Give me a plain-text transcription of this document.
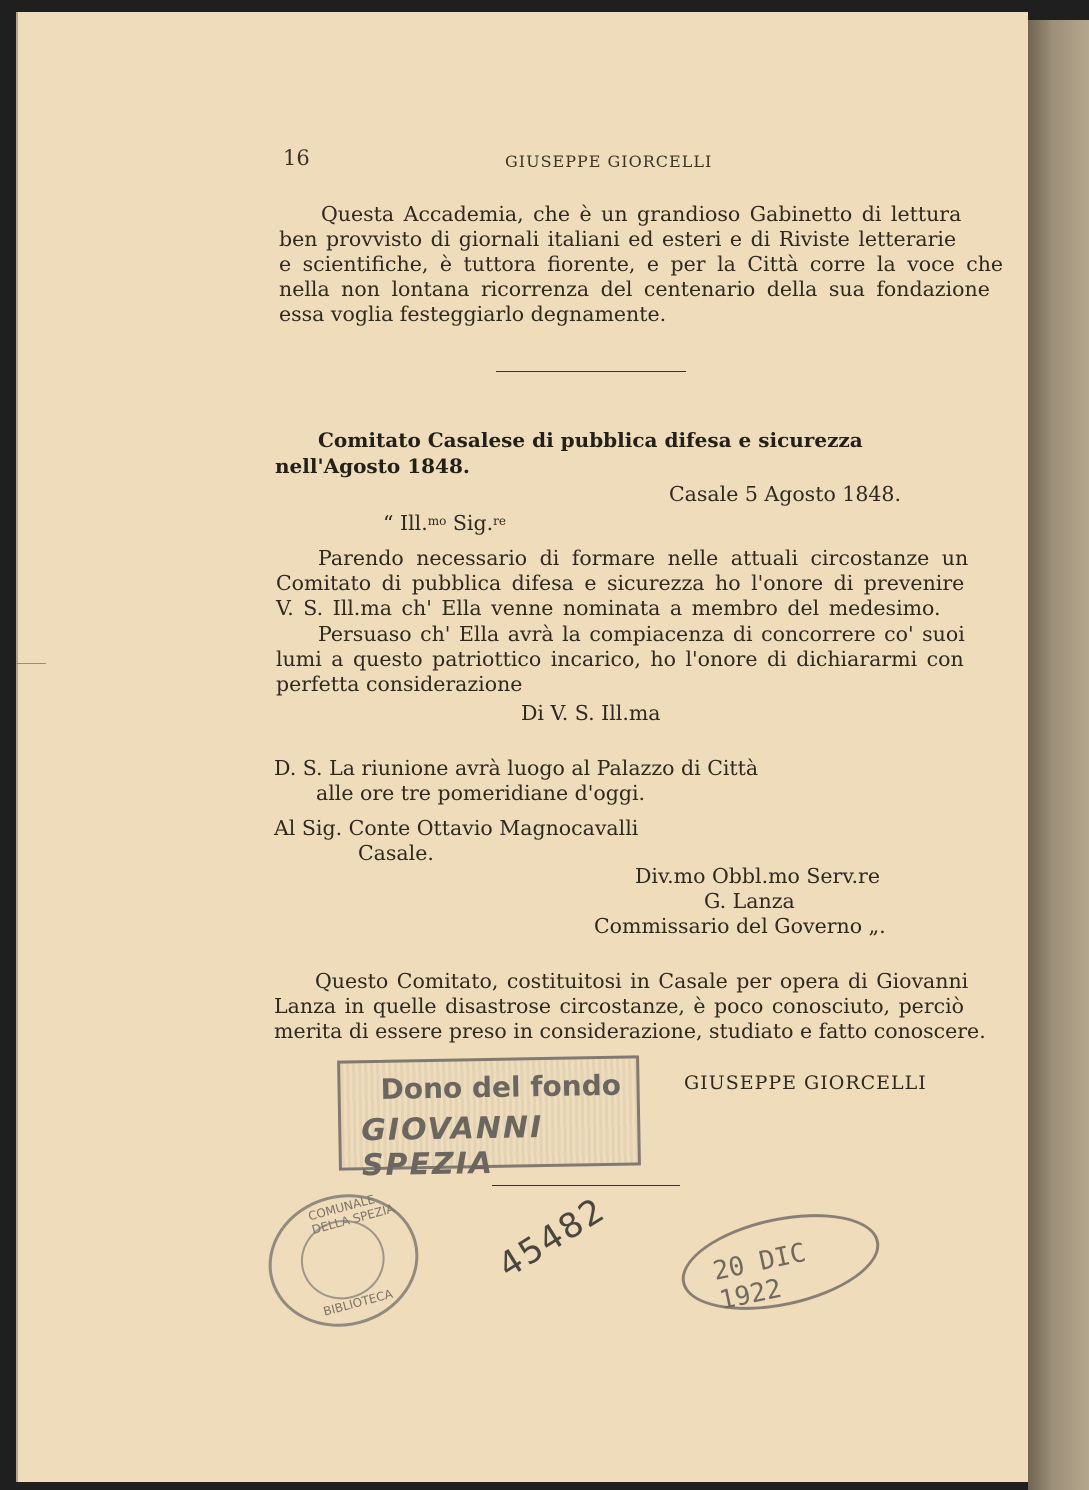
16	GIUSEPPE GIORCELLI
Questa Accademia, che è un grandioso Gabinetto di lettura
ben provvisto di giornali italiani ed esteri e di Riviste letterarie
e scientifiche, è tuttora fiorente, e per la Città corre la voce che
nella non lontana ricorrenza del centenario della sua fondazione
essa voglia festeggiarlo degnamente.
Comitato Casalese di pubblica difesa e sicurezza nell'Agosto 1848.
Casale 5 Agosto 1848.
“ Ill.$^{mo}$ Sig.$^{re}$
Parendo necessario di formare nelle attuali circostanze un
Comitato di pubblica difesa e sicurezza ho l'onore di prevenire
V. S. Ill.ma ch' Ella venne nominata a membro del medesimo.
Persuaso ch' Ella avrà la compiacenza di concorrere co' suoi
lumi a questo patriottico incarico, ho l'onore di dichiararmi con
perfetta considerazione
Di V. S. Ill.ma
D. S. La riunione avrà luogo al Palazzo di Città
alle ore tre pomeridiane d'oggi.
Al Sig. Conte Ottavio Magnocavalli
Casale.
Div.mo Obbl.mo Serv.re
G. Lanza
Commissario del Governo „.
Questo Comitato, costituitosi in Casale per opera di Giovanni
Lanza in quelle disastrose circostanze, è poco conosciuto, perciò
merita di essere preso in considerazione, studiato e fatto conoscere.
GIUSEPPE GIORCELLI
Dono del fondo
GIOVANNI SPEZIA
COMUNALE DELLA SPEZIA
BIBLIOTECA
45482	20 DIC 1922
